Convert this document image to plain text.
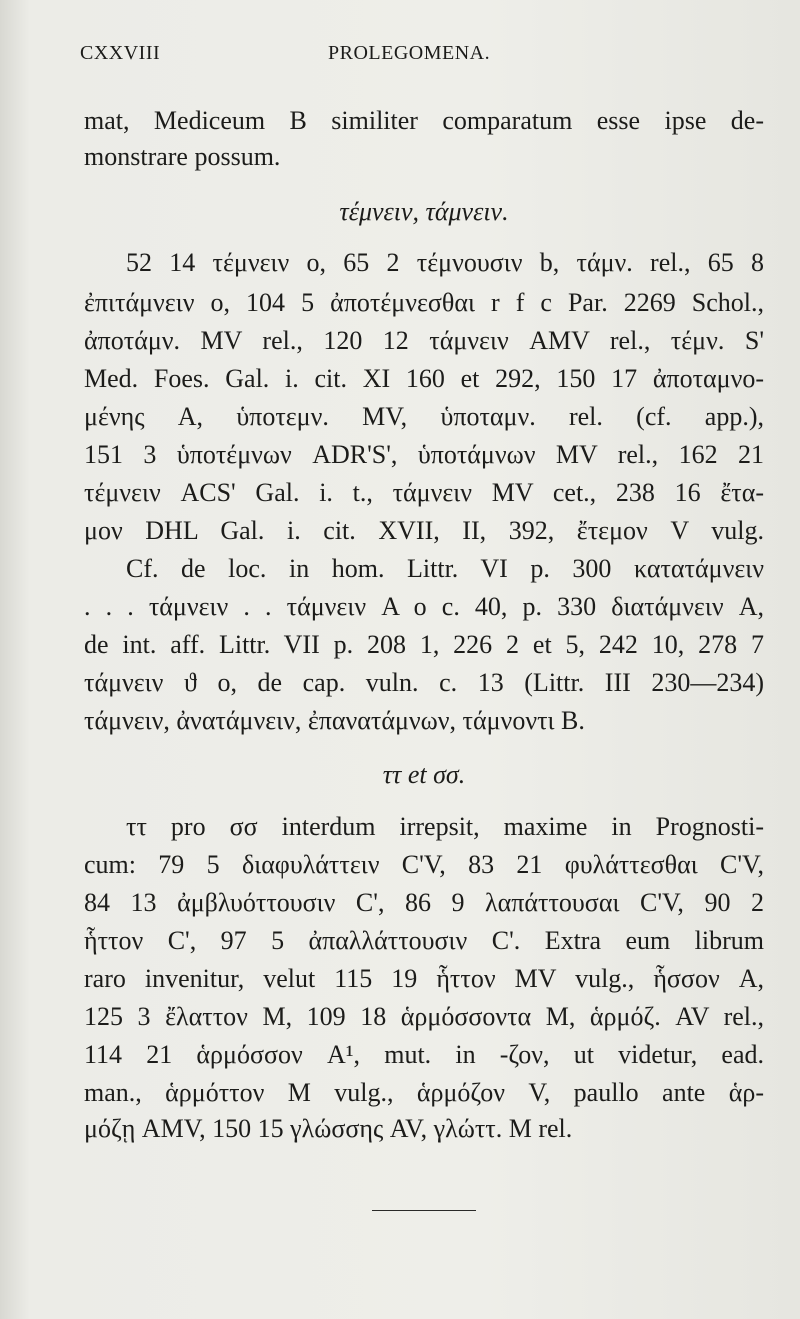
CXXVIII	PROLEGOMENA.
mat, Mediceum B similiter comparatum esse ipse de-
monstrare possum.
τέμνειν, τάμνειν.
52 14 τέμνειν o, 65 2 τέμνουσιν b, τάμν. rel., 65 8
ἐπιτάμνειν o, 104 5 ἀποτέμνεσθαι r f c Par. 2269 Schol.,
ἀποτάμν. MV rel., 120 12 τάμνειν AMV rel., τέμν. S'
Med. Foes. Gal. i. cit. XI 160 et 292, 150 17 ἀποταμνο-
μένης A, ὑποτεμν. MV, ὑποταμν. rel. (cf. app.),
151 3 ὑποτέμνων ADR'S', ὑποτάμνων MV rel., 162 21
τέμνειν ACS' Gal. i. t., τάμνειν MV cet., 238 16 ἔτα-
μον DHL Gal. i. cit. XVII, II, 392, ἔτεμον V vulg.
Cf. de loc. in hom. Littr. VI p. 300 κατατάμνειν
. . . τάμνειν . . τάμνειν A o c. 40, p. 330 διατάμνειν A,
de int. aff. Littr. VII p. 208 1, 226 2 et 5, 242 10, 278 7
τάμνειν ϑ o, de cap. vuln. c. 13 (Littr. III 230—234)
τάμνειν, ἀνατάμνειν, ἐπανατάμνων, τάμνοντι B.
ττ et σσ.
ττ pro σσ interdum irrepsit, maxime in Prognosti-
cum: 79 5 διαφυλάττειν C'V, 83 21 φυλάττεσθαι C'V,
84 13 ἀμβλυόττουσιν C', 86 9 λαπάττουσαι C'V, 90 2
ἧττον C', 97 5 ἀπαλλάττουσιν C'. Extra eum librum
raro invenitur, velut 115 19 ἧττον MV vulg., ἧσσον A,
125 3 ἔλαττον M, 109 18 ἁρμόσσοντα M, ἁρμόζ. AV rel.,
114 21 ἁρμόσσον A¹, mut. in -ζον, ut videtur, ead.
man., ἁρμόττον M vulg., ἁρμόζον V, paullo ante ἁρ-
μόζῃ AMV, 150 15 γλώσσης AV, γλώττ. M rel.
